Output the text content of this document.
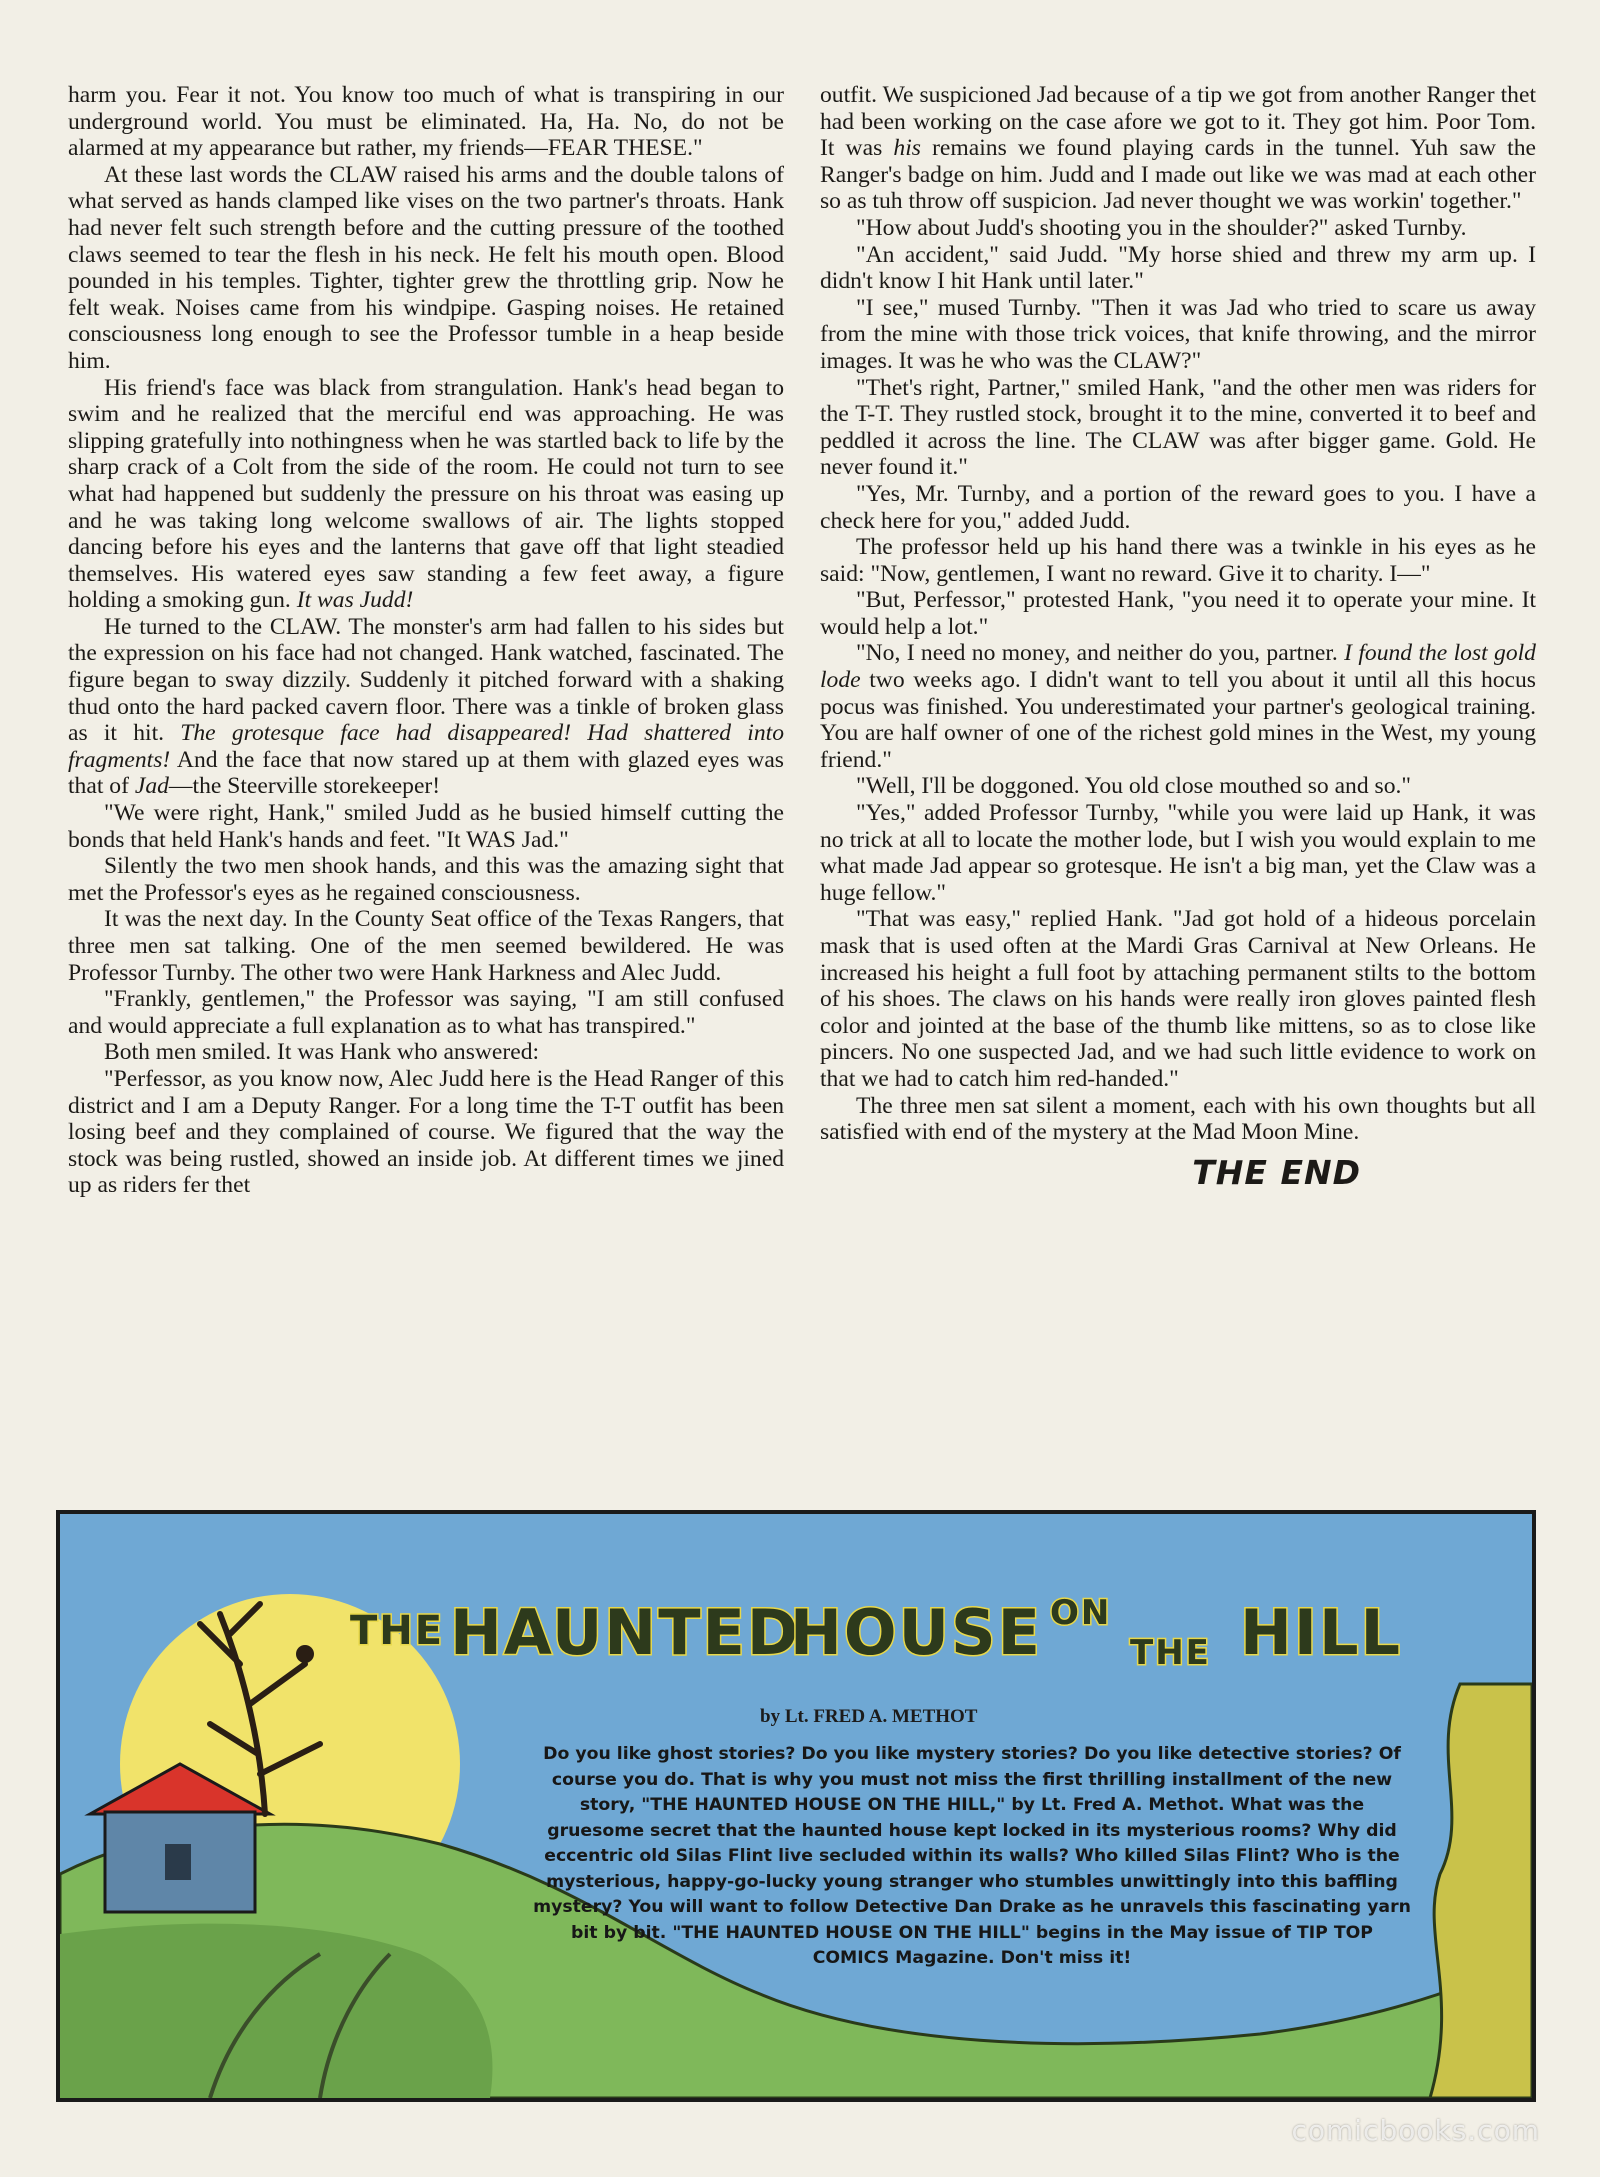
harm you. Fear it not. You know too much of what is transpiring in our underground world. You must be eliminated. Ha, Ha. No, do not be alarmed at my appearance but rather, my friends—FEAR THESE."

At these last words the CLAW raised his arms and the double talons of what served as hands clamped like vises on the two partner's throats. Hank had never felt such strength before and the cutting pressure of the toothed claws seemed to tear the flesh in his neck. He felt his mouth open. Blood pounded in his temples. Tighter, tighter grew the throttling grip. Now he felt weak. Noises came from his windpipe. Gasping noises. He retained consciousness long enough to see the Professor tumble in a heap beside him.

His friend's face was black from strangulation. Hank's head began to swim and he realized that the merciful end was approaching. He was slipping gratefully into nothingness when he was startled back to life by the sharp crack of a Colt from the side of the room. He could not turn to see what had happened but suddenly the pressure on his throat was easing up and he was taking long welcome swallows of air. The lights stopped dancing before his eyes and the lanterns that gave off that light steadied themselves. His watered eyes saw standing a few feet away, a figure holding a smoking gun. It was Judd!

He turned to the CLAW. The monster's arm had fallen to his sides but the expression on his face had not changed. Hank watched, fascinated. The figure began to sway dizzily. Suddenly it pitched forward with a shaking thud onto the hard packed cavern floor. There was a tinkle of broken glass as it hit. The grotesque face had disappeared! Had shattered into fragments! And the face that now stared up at them with glazed eyes was that of Jad—the Steerville storekeeper!

"We were right, Hank," smiled Judd as he busied himself cutting the bonds that held Hank's hands and feet. "It WAS Jad."

Silently the two men shook hands, and this was the amazing sight that met the Professor's eyes as he regained consciousness.

It was the next day. In the County Seat office of the Texas Rangers, that three men sat talking. One of the men seemed bewildered. He was Professor Turnby. The other two were Hank Harkness and Alec Judd.

"Frankly, gentlemen," the Professor was saying, "I am still confused and would appreciate a full explanation as to what has transpired."

Both men smiled. It was Hank who answered:

"Perfessor, as you know now, Alec Judd here is the Head Ranger of this district and I am a Deputy Ranger. For a long time the T-T outfit has been losing beef and they complained of course. We figured that the way the stock was being rustled, showed an inside job. At different times we jined up as riders fer thet

outfit. We suspicioned Jad because of a tip we got from another Ranger thet had been working on the case afore we got to it. They got him. Poor Tom. It was his remains we found playing cards in the tunnel. Yuh saw the Ranger's badge on him. Judd and I made out like we was mad at each other so as tuh throw off suspicion. Jad never thought we was workin' together."

"How about Judd's shooting you in the shoulder?" asked Turnby.

"An accident," said Judd. "My horse shied and threw my arm up. I didn't know I hit Hank until later."

"I see," mused Turnby. "Then it was Jad who tried to scare us away from the mine with those trick voices, that knife throwing, and the mirror images. It was he who was the CLAW?"

"Thet's right, Partner," smiled Hank, "and the other men was riders for the T-T. They rustled stock, brought it to the mine, converted it to beef and peddled it across the line. The CLAW was after bigger game. Gold. He never found it."

"Yes, Mr. Turnby, and a portion of the reward goes to you. I have a check here for you," added Judd.

The professor held up his hand there was a twinkle in his eyes as he said: "Now, gentlemen, I want no reward. Give it to charity. I—"

"But, Perfessor," protested Hank, "you need it to operate your mine. It would help a lot."

"No, I need no money, and neither do you, partner. I found the lost gold lode two weeks ago. I didn't want to tell you about it until all this hocus pocus was finished. You underestimated your partner's geological training. You are half owner of one of the richest gold mines in the West, my young friend."

"Well, I'll be doggoned. You old close mouthed so and so."

"Yes," added Professor Turnby, "while you were laid up Hank, it was no trick at all to locate the mother lode, but I wish you would explain to me what made Jad appear so grotesque. He isn't a big man, yet the Claw was a huge fellow."

"That was easy," replied Hank. "Jad got hold of a hideous porcelain mask that is used often at the Mardi Gras Carnival at New Orleans. He increased his height a full foot by attaching permanent stilts to the bottom of his shoes. The claws on his hands were really iron gloves painted flesh color and jointed at the base of the thumb like mittens, so as to close like pincers. No one suspected Jad, and we had such little evidence to work on that we had to catch him red-handed."

The three men sat silent a moment, each with his own thoughts but all satisfied with end of the mystery at the Mad Moon Mine.

THE END
THE HAUNTED
HOUSE ON
THE HILL
by Lt. FRED A. METHOT
Do you like ghost stories? Do you like mystery stories? Do you like detective stories? Of course you do. That is why you must not miss the first thrilling installment of the new story, "THE HAUNTED HOUSE ON THE HILL," by Lt. Fred A. Methot. What was the gruesome secret that the haunted house kept locked in its mysterious rooms? Why did eccentric old Silas Flint live secluded within its walls? Who killed Silas Flint? Who is the mysterious, happy-go-lucky young stranger who stumbles unwittingly into this baffling mystery? You will want to follow Detective Dan Drake as he unravels this fascinating yarn bit by bit. "THE HAUNTED HOUSE ON THE HILL" begins in the May issue of TIP TOP COMICS Magazine. Don't miss it!
comicbooks.com
